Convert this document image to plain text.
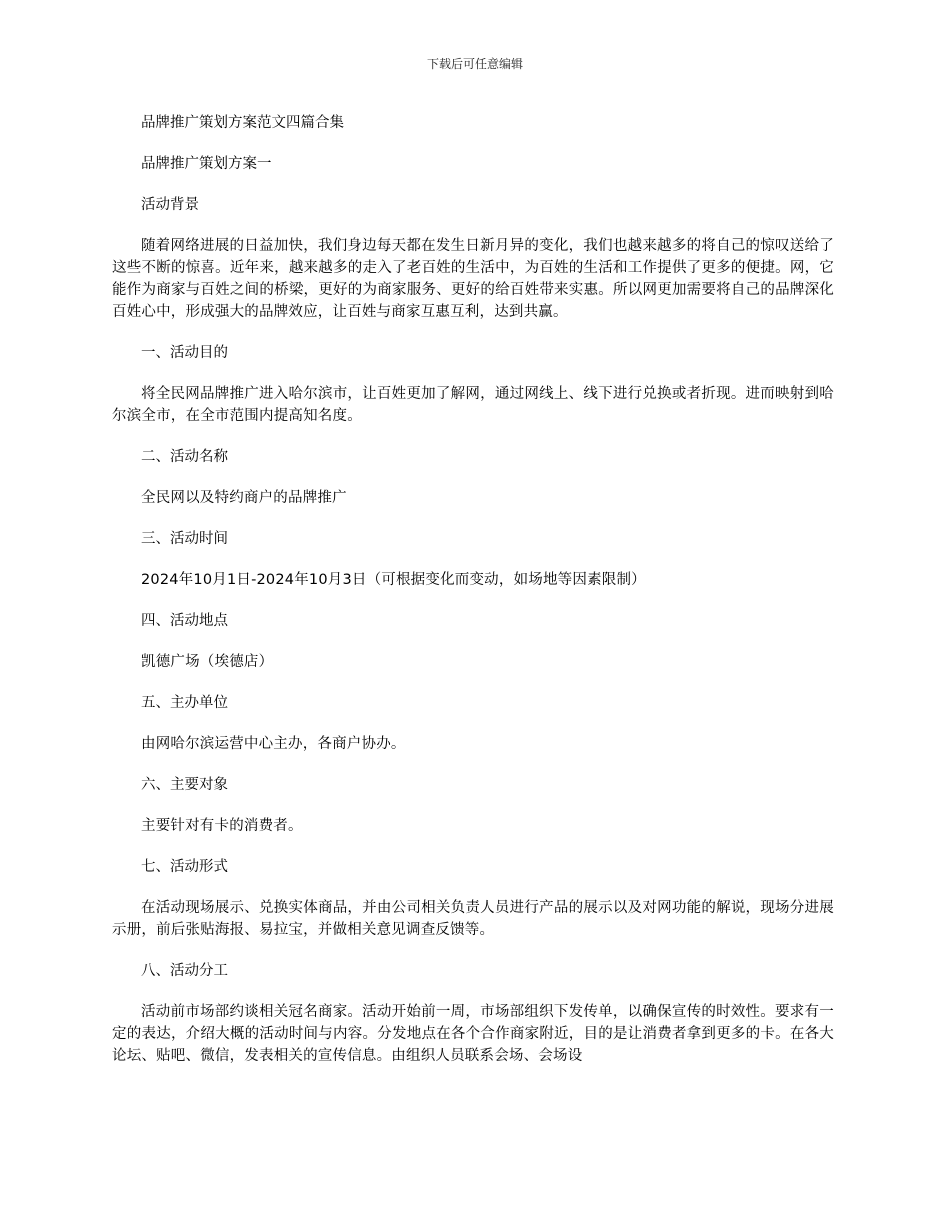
下载后可任意编辑

品牌推广策划方案范文四篇合集

品牌推广策划方案一

活动背景

随着网络进展的日益加快，我们身边每天都在发生日新月异的变化，我们也越来越多的将自己的惊叹送给了这些不断的惊喜。近年来，越来越多的走入了老百姓的生活中，为百姓的生活和工作提供了更多的便捷。网，它能作为商家与百姓之间的桥梁，更好的为商家服务、更好的给百姓带来实惠。所以网更加需要将自己的品牌深化百姓心中，形成强大的品牌效应，让百姓与商家互惠互利，达到共赢。

一、活动目的

将全民网品牌推广进入哈尔滨市，让百姓更加了解网，通过网线上、线下进行兑换或者折现。进而映射到哈尔滨全市，在全市范围内提高知名度。

二、活动名称

全民网以及特约商户的品牌推广

三、活动时间

2024年10月1日-2024年10月3日（可根据变化而变动，如场地等因素限制）

四、活动地点

凯德广场（埃德店）

五、主办单位

由网哈尔滨运营中心主办，各商户协办。

六、主要对象

主要针对有卡的消费者。

七、活动形式

在活动现场展示、兑换实体商品，并由公司相关负责人员进行产品的展示以及对网功能的解说，现场分进展示册，前后张贴海报、易拉宝，并做相关意见调查反馈等。

八、活动分工

活动前市场部约谈相关冠名商家。活动开始前一周，市场部组织下发传单，以确保宣传的时效性。要求有一定的表达，介绍大概的活动时间与内容。分发地点在各个合作商家附近，目的是让消费者拿到更多的卡。在各大论坛、贴吧、微信，发表相关的宣传信息。由组织人员联系会场、会场设
